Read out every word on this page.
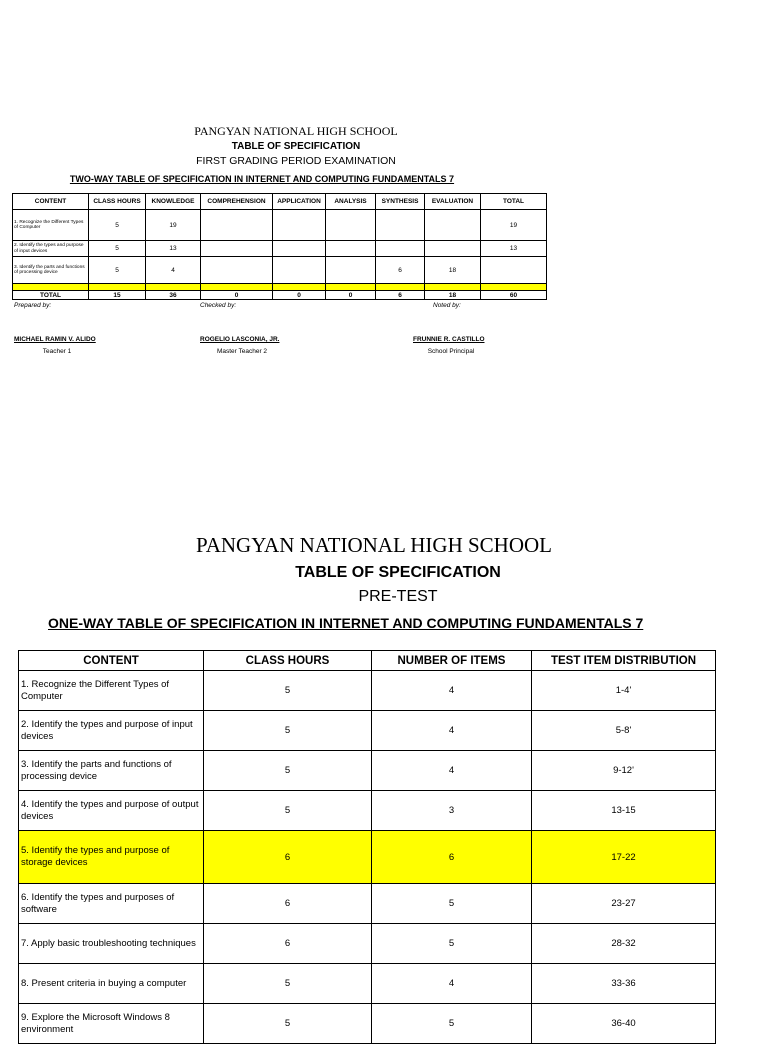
PANGYAN NATIONAL HIGH SCHOOL
TABLE OF SPECIFICATION
FIRST GRADING PERIOD EXAMINATION
TWO-WAY TABLE OF SPECIFICATION IN INTERNET AND COMPUTING FUNDAMENTALS 7
CONTENT	CLASS HOURS	KNOWLEDGE	COMPREHENSION	APPLICATION	ANALYSIS	SYNTHESIS	EVALUATION	TOTAL
1. Recognize the Different Types of Computer	5	19						19
2. Identify the types and purpose of input devices	5	13						13
3. Identify the parts and functions of processing device	5	4				6	18	

TOTAL	15	36	0	0	0	6	18	60
Prepared by:	Checked by:	Noted by:
MICHAEL RAMIN V. ALIDO
Teacher 1
ROGELIO LASCONIA, JR.
Master Teacher 2
FRUNNIE R. CASTILLO
School Principal
PANGYAN NATIONAL HIGH SCHOOL
TABLE OF SPECIFICATION
PRE-TEST
ONE-WAY TABLE OF SPECIFICATION IN INTERNET AND COMPUTING FUNDAMENTALS 7
CONTENT	CLASS HOURS	NUMBER OF ITEMS	TEST ITEM DISTRIBUTION
1. Recognize the Different Types of Computer	5	4	1-4'
2. Identify the types and purpose of input devices	5	4	5-8'
3. Identify the parts and functions of processing device	5	4	9-12'
4. Identify the types and purpose of output devices	5	3	13-15
5. Identify the types and purpose of storage devices	6	6	17-22
6. Identify the types and purposes of software	6	5	23-27
7. Apply basic troubleshooting techniques	6	5	28-32
8. Present criteria in buying a computer	5	4	33-36
9. Explore the Microsoft Windows 8 environment	5	5	36-40
